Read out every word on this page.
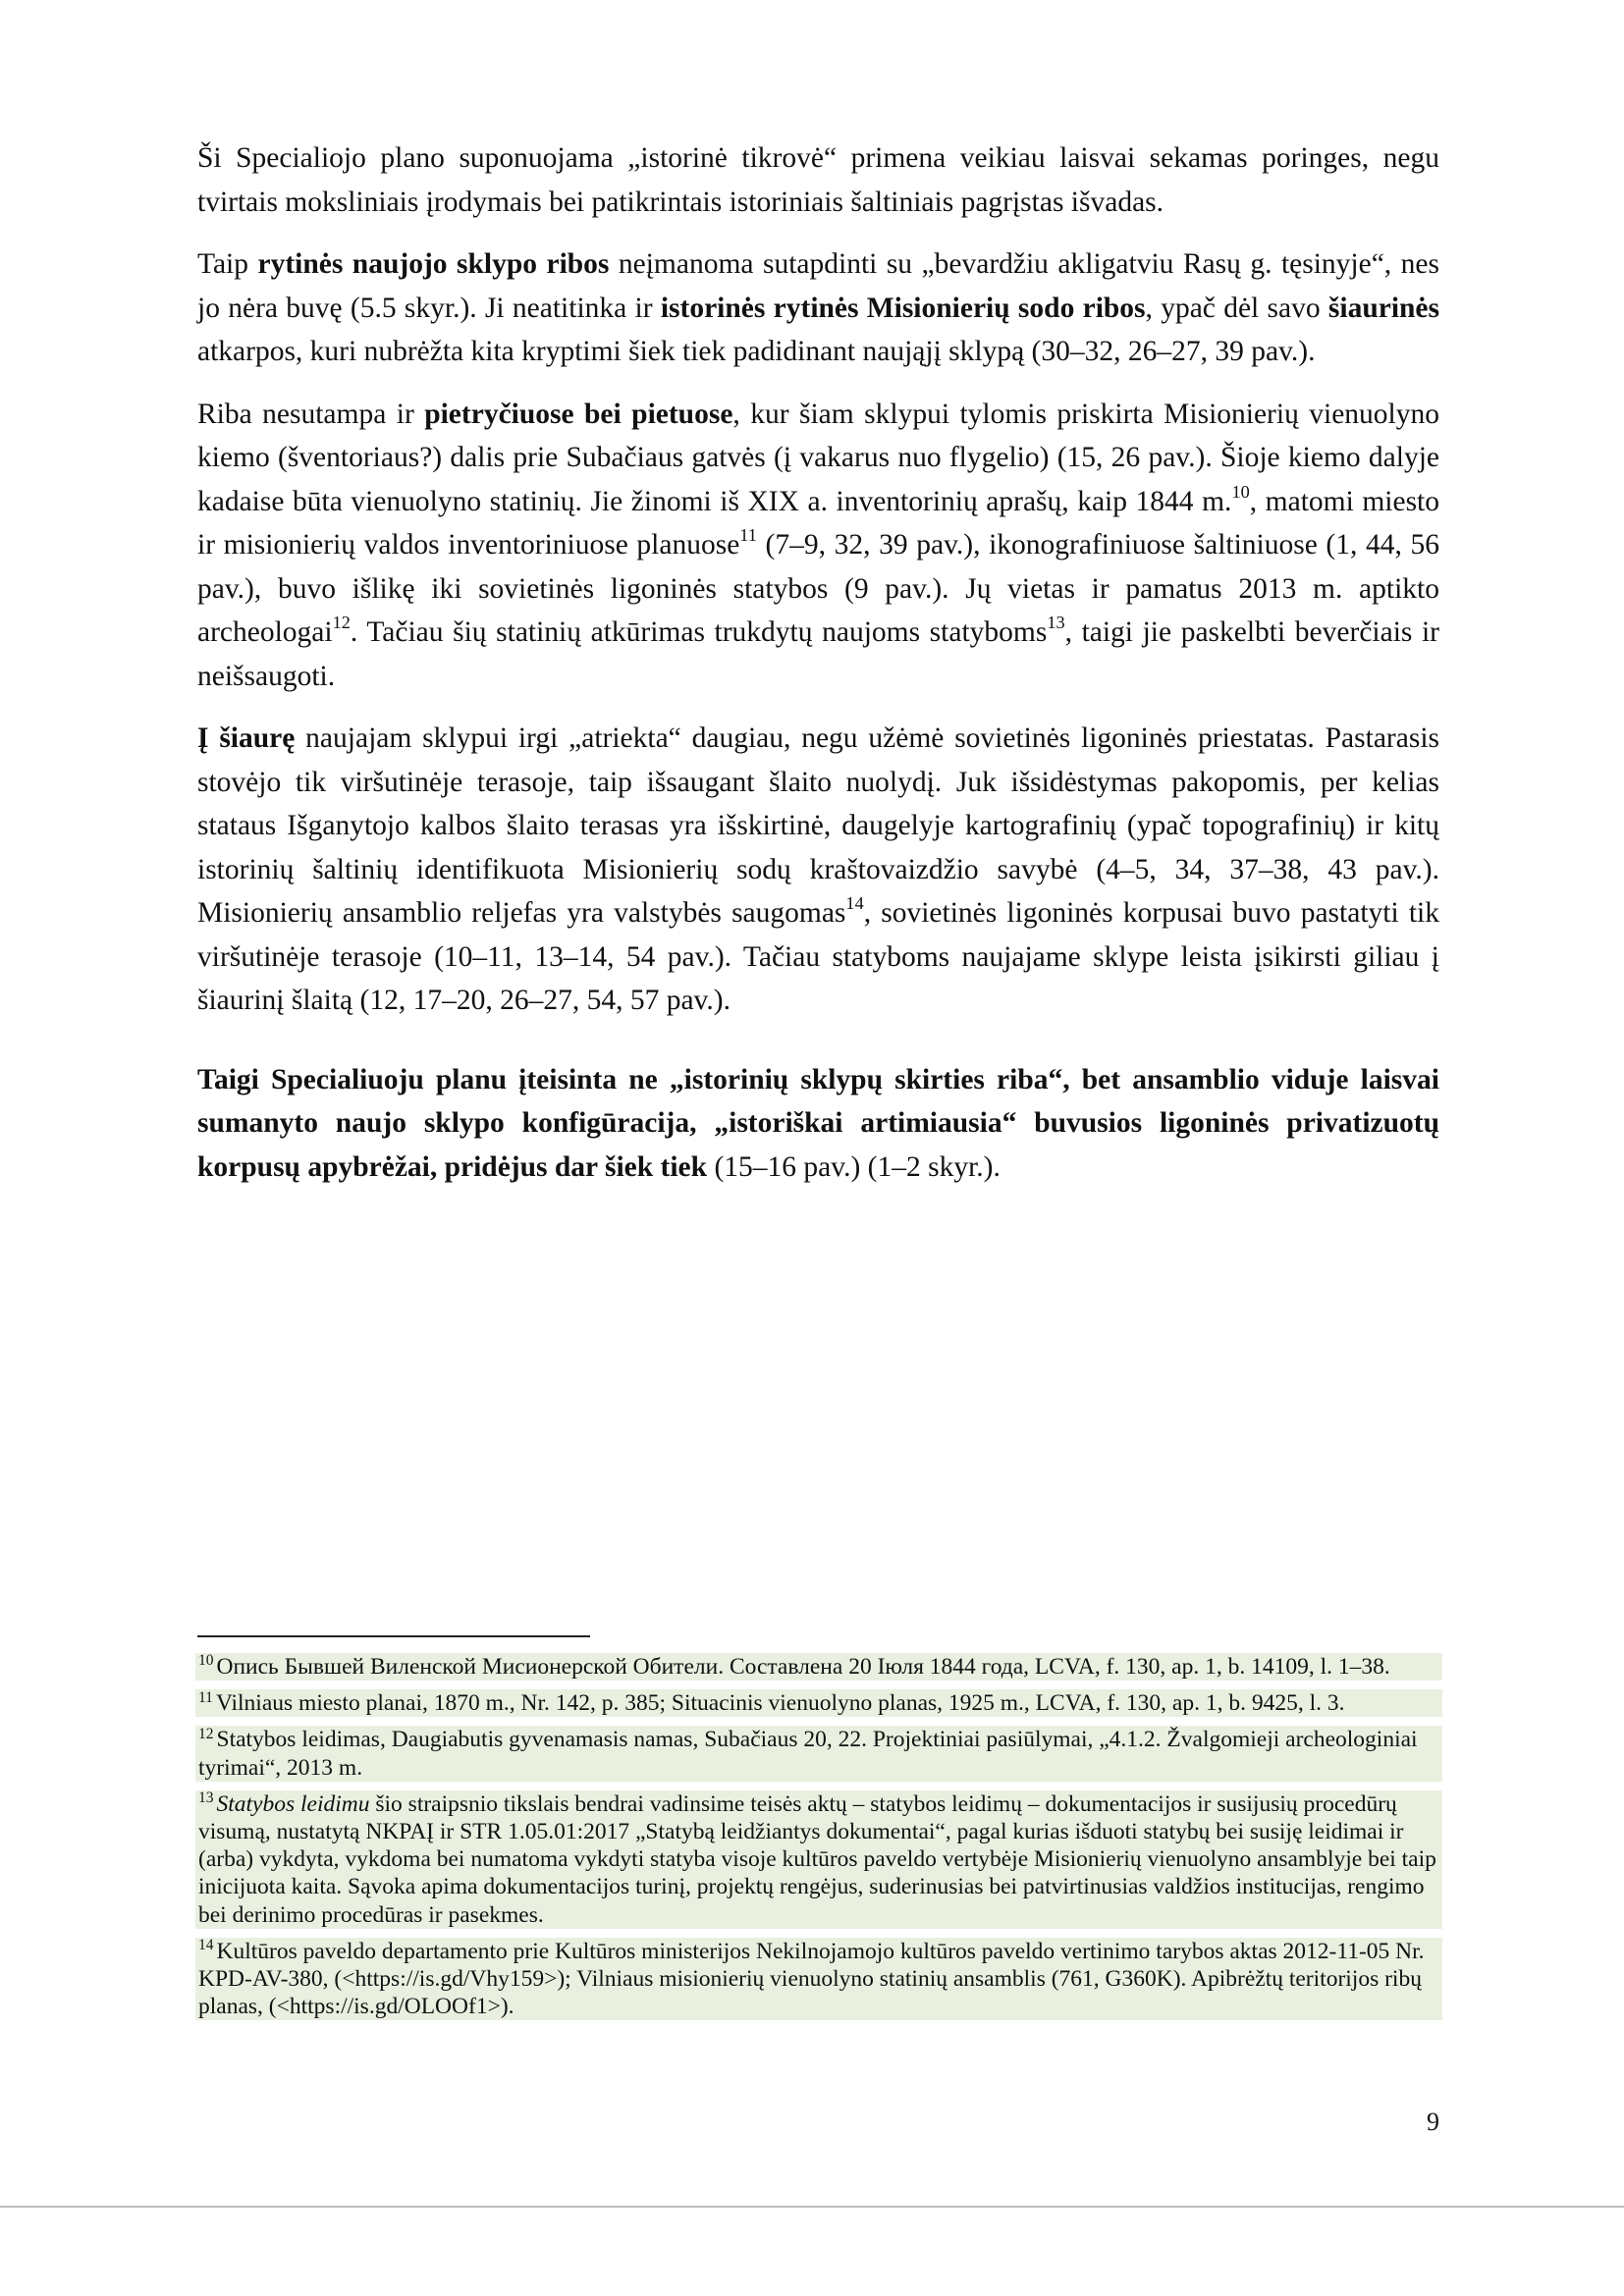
Ši Specialiojo plano suponuojama „istorinė tikrovė“ primena veikiau laisvai sekamas poringes, negu tvirtais moksliniais įrodymais bei patikrintais istoriniais šaltiniais pagrįstas išvadas.

Taip rytinės naujojo sklypo ribos neįmanoma sutapdinti su „bevardžiu akligatviu Rasų g. tęsinyje“, nes jo nėra buvę (5.5 skyr.). Ji neatitinka ir istorinės rytinės Misionierių sodo ribos, ypač dėl savo šiaurinės atkarpos, kuri nubrėžta kita kryptimi šiek tiek padidinant naująjį sklypą (30–32, 26–27, 39 pav.).

Riba nesutampa ir pietryčiuose bei pietuose, kur šiam sklypui tylomis priskirta Misionierių vienuolyno kiemo (šventoriaus?) dalis prie Subačiaus gatvės (į vakarus nuo flygelio) (15, 26 pav.). Šioje kiemo dalyje kadaise būta vienuolyno statinių. Jie žinomi iš XIX a. inventorinių aprašų, kaip 1844 m.$^{10}$, matomi miesto ir misionierių valdos inventoriniuose planuose$^{11}$ (7–9, 32, 39 pav.), ikonografiniuose šaltiniuose (1, 44, 56 pav.), buvo išlikę iki sovietinės ligoninės statybos (9 pav.). Jų vietas ir pamatus 2013 m. aptikto archeologai$^{12}$. Tačiau šių statinių atkūrimas trukdytų naujoms statyboms$^{13}$, taigi jie paskelbti beverčiais ir neišsaugoti.

Į šiaurę naujajam sklypui irgi „atriekta“ daugiau, negu užėmė sovietinės ligoninės priestatas. Pastarasis stovėjo tik viršutinėje terasoje, taip išsaugant šlaito nuolydį. Juk išsidėstymas pakopomis, per kelias stataus Išganytojo kalbos šlaito terasas yra išskirtinė, daugelyje kartografinių (ypač topografinių) ir kitų istorinių šaltinių identifikuota Misionierių sodų kraštovaizdžio savybė (4–5, 34, 37–38, 43 pav.). Misionierių ansamblio reljefas yra valstybės saugomas$^{14}$, sovietinės ligoninės korpusai buvo pastatyti tik viršutinėje terasoje (10–11, 13–14, 54 pav.). Tačiau statyboms naujajame sklype leista įsikirsti giliau į šiaurinį šlaitą (12, 17–20, 26–27, 54, 57 pav.).

Taigi Specialiuoju planu įteisinta ne „istorinių sklypų skirties riba“, bet ansamblio viduje laisvai sumanyto naujo sklypo konfigūracija, „istoriškai artimiausia“ buvusios ligoninės privatizuotų korpusų apybrėžai, pridėjus dar šiek tiek (15–16 pav.) (1–2 skyr.).

$^{10}$ Опись Бывшей Виленской Мисионерской Обители. Составлена 20 Іюля 1844 года, LCVA, f. 130, ap. 1, b. 14109, l. 1–38.
$^{11}$ Vilniaus miesto planai, 1870 m., Nr. 142, p. 385; Situacinis vienuolyno planas, 1925 m., LCVA, f. 130, ap. 1, b. 9425, l. 3.
$^{12}$ Statybos leidimas, Daugiabutis gyvenamasis namas, Subačiaus 20, 22. Projektiniai pasiūlymai, „4.1.2. Žvalgomieji archeologiniai tyrimai“, 2013 m.
$^{13}$ Statybos leidimu šio straipsnio tikslais bendrai vadinsime teisės aktų – statybos leidimų – dokumentacijos ir susijusių procedūrų visumą, nustatytą NKPAĮ ir STR 1.05.01:2017 „Statybą leidžiantys dokumentai“, pagal kurias išduoti statybų bei susiję leidimai ir (arba) vykdyta, vykdoma bei numatoma vykdyti statyba visoje kultūros paveldo vertybėje Misionierių vienuolyno ansamblyje bei taip inicijuota kaita. Sąvoka apima dokumentacijos turinį, projektų rengėjus, suderinusias bei patvirtinusias valdžios institucijas, rengimo bei derinimo procedūras ir pasekmes.
$^{14}$ Kultūros paveldo departamento prie Kultūros ministerijos Nekilnojamojo kultūros paveldo vertinimo tarybos aktas 2012-11-05 Nr. KPD-AV-380, (<https://is.gd/Vhy159>); Vilniaus misionierių vienuolyno statinių ansamblis (761, G360K). Apibrėžtų teritorijos ribų planas, (<https://is.gd/OLOOf1>).
9
